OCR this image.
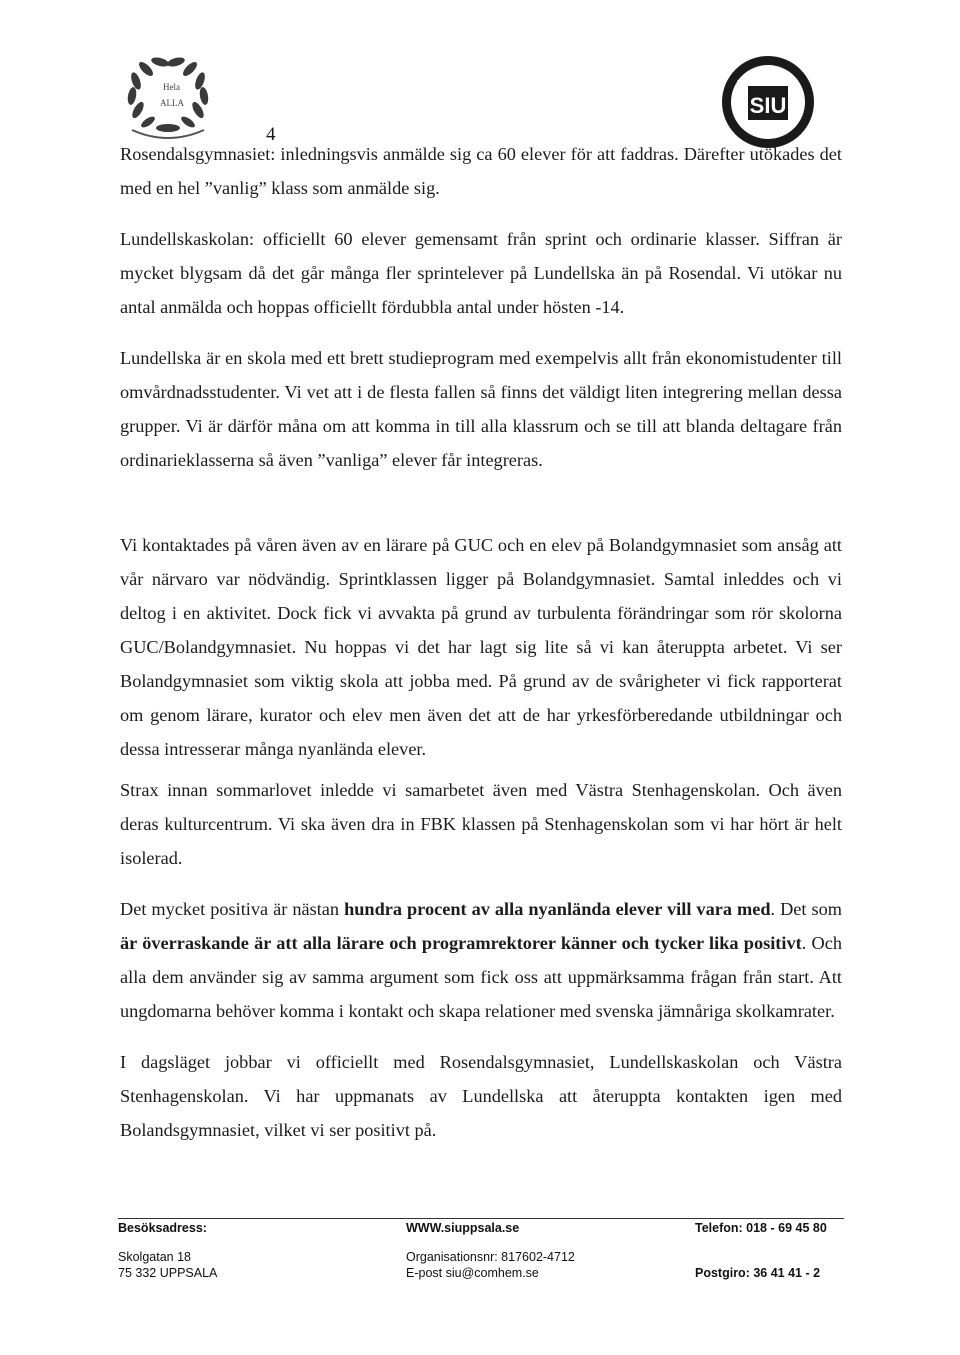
Hela
ALLA	SIU
4

Rosendalsgymnasiet: inledningsvis anmälde sig ca 60 elever för att faddras. Därefter utökades det med en hel ”vanlig” klass som anmälde sig.

Lundellskaskolan: officiellt 60 elever gemensamt från sprint och ordinarie klasser. Siffran är mycket blygsam då det går många fler sprintelever på Lundellska än på Rosendal. Vi utökar nu antal anmälda och hoppas officiellt fördubbla antal under hösten -14.

Lundellska är en skola med ett brett studieprogram med exempelvis allt från ekonomistudenter till omvårdnadsstudenter. Vi vet att i de flesta fallen så finns det väldigt liten integrering mellan dessa grupper. Vi är därför måna om att komma in till alla klassrum och se till att blanda deltagare från ordinarieklasserna så även ”vanliga” elever får integreras.

Vi kontaktades på våren även av en lärare på GUC och en elev på Bolandgymnasiet som ansåg att vår närvaro var nödvändig. Sprintklassen ligger på Bolandgymnasiet. Samtal inleddes och vi deltog i en aktivitet. Dock fick vi avvakta på grund av turbulenta förändringar som rör skolorna GUC/Bolandgymnasiet. Nu hoppas vi det har lagt sig lite så vi kan återuppta arbetet. Vi ser Bolandgymnasiet som viktig skola att jobba med. På grund av de svårigheter vi fick rapporterat om genom lärare, kurator och elev men även det att de har yrkesförberedande utbildningar och dessa intresserar många nyanlända elever.

Strax innan sommarlovet inledde vi samarbetet även med Västra Stenhagenskolan. Och även deras kulturcentrum. Vi ska även dra in FBK klassen på Stenhagenskolan som vi har hört är helt isolerad.

Det mycket positiva är nästan hundra procent av alla nyanlända elever vill vara med. Det som är överraskande är att alla lärare och programrektorer känner och tycker lika positivt. Och alla dem använder sig av samma argument som fick oss att uppmärksamma frågan från start. Att ungdomarna behöver komma i kontakt och skapa relationer med svenska jämnåriga skolkamrater.

I dagsläget jobbar vi officiellt med Rosendalsgymnasiet, Lundellskaskolan och Västra Stenhagenskolan. Vi har uppmanats av Lundellska att återuppta kontakten igen med Bolandsgymnasiet, vilket vi ser positivt på.

Besöksadress:
Skolgatan 18
75 332 UPPSALA
WWW.siuppsala.se
Organisationsnr: 817602-4712
E-post siu@comhem.se
Telefon: 018 - 69 45 80
Postgiro: 36 41 41 - 2
